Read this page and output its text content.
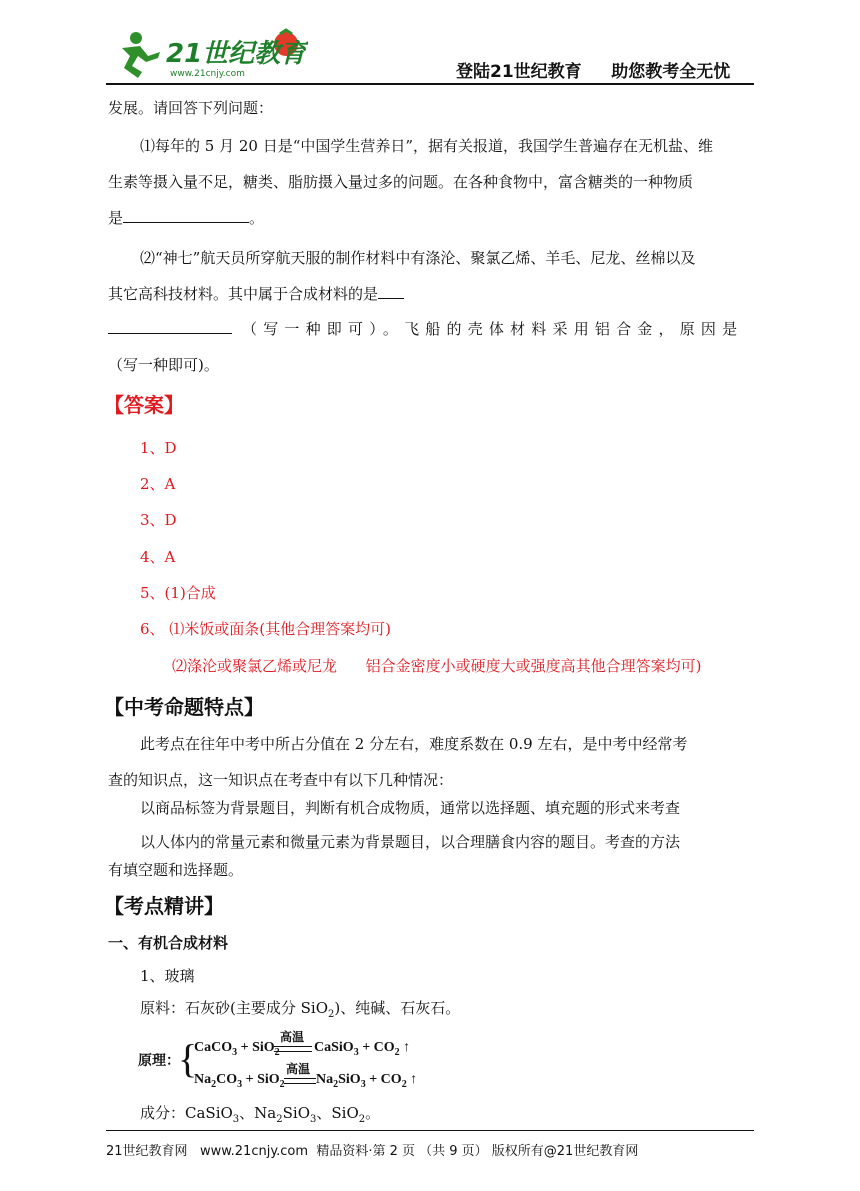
21世纪教育
www.21cnjy.com	登陆21世纪教育     助您教考全无忧
发展。请回答下列问题：
⑴每年的 5 月 20 日是“中国学生营养日”，据有关报道，我国学生普遍存在无机盐、维
生素等摄入量不足，糖类、脂肪摄入量过多的问题。在各种食物中，富含糖类的一种物质
是	。
⑵“神七”航天员所穿航天服的制作材料中有涤沦、聚氯乙烯、羊毛、尼龙、丝棉以及
其它高科技材料。其中属于合成材料的是
（写一种即可）。飞船的壳体材料采用铝合金，原因是
（写一种即可)。
【答案】
1、D
2、A
3、D
4、A
5、(1)合成
6、 ⑴米饭或面条(其他合理答案均可)
⑵涤沦或聚氯乙烯或尼龙      铝合金密度小或硬度大或强度高其他合理答案均可)
【中考命题特点】
此考点在往年中考中所占分值在 2 分左右，难度系数在 0.9 左右，是中考中经常考
查的知识点，这一知识点在考查中有以下几种情况：
以商品标签为背景题目，判断有机合成物质，通常以选择题、填充题的形式来考查
以人体内的常量元素和微量元素为背景题目，以合理膳食内容的题目。考查的方法
有填空题和选择题。
【考点精讲】
一、有机合成材料
1、玻璃
原料：石灰砂(主要成分 SiO$_2$)、纯碱、石灰石。
原理：
{
CaCO$_3$ + SiO$_2$
高温
CaSiO$_3$ + $CO_2$ ↑
$Na_2CO_3 + SiO_2$
高温
$Na_2SiO_3 + CO_2$ ↑
成分：CaSiO$_3$、$Na_2SiO_3$、SiO$_2$。
21世纪教育网   www.21cnjy.com  精品资料·第 2 页 （共 9 页） 版权所有@21世纪教育网
